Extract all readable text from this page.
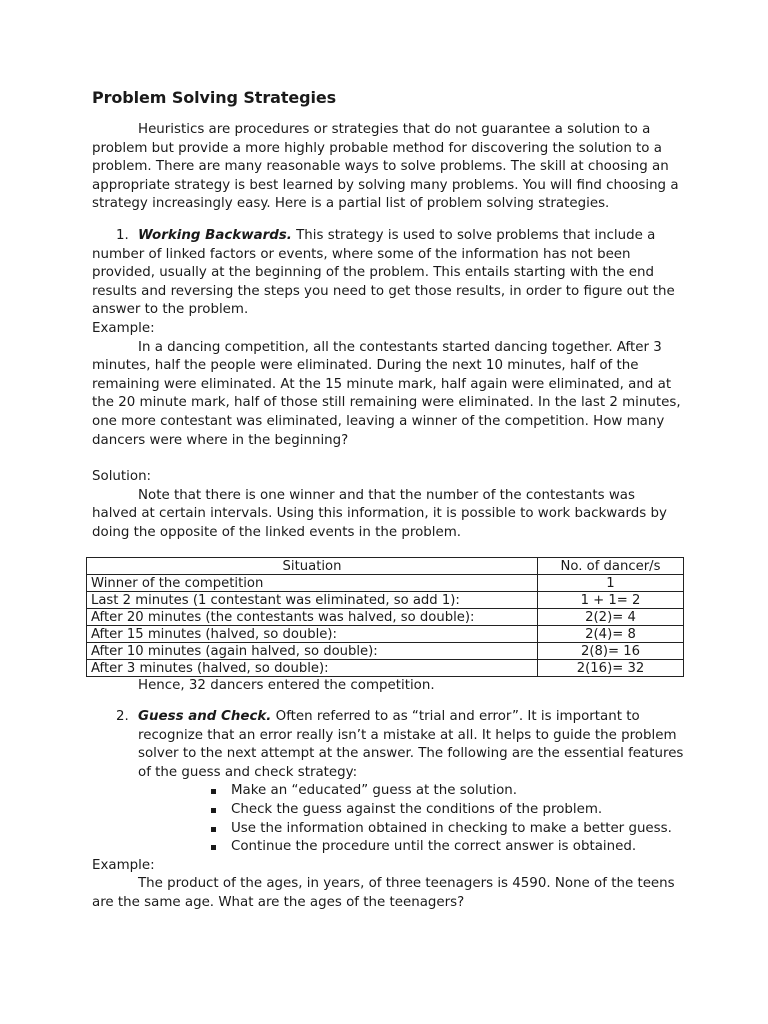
Problem Solving Strategies

Heuristics are procedures or strategies that do not guarantee a solution to a problem but provide a more highly probable method for discovering the solution to a problem. There are many reasonable ways to solve problems. The skill at choosing an appropriate strategy is best learned by solving many problems. You will find choosing a strategy increasingly easy. Here is a partial list of problem solving strategies.

1. Working Backwards. This strategy is used to solve problems that include a number of linked factors or events, where some of the information has not been provided, usually at the beginning of the problem. This entails starting with the end results and reversing the steps you need to get those results, in order to figure out the answer to the problem.

Example:

In a dancing competition, all the contestants started dancing together. After 3 minutes, half the people were eliminated. During the next 10 minutes, half of the remaining were eliminated. At the 15 minute mark, half again were eliminated, and at the 20 minute mark, half of those still remaining were eliminated. In the last 2 minutes, one more contestant was eliminated, leaving a winner of the competition. How many dancers were where in the beginning?

Solution:

Note that there is one winner and that the number of the contestants was halved at certain intervals. Using this information, it is possible to work backwards by doing the opposite of the linked events in the problem.

Situation	No. of dancer/s
Winner of the competition	1
Last 2 minutes (1 contestant was eliminated, so add 1):	1 + 1= 2
After 20 minutes (the contestants was halved, so double):	2(2)= 4
After 15 minutes (halved, so double):	2(4)= 8
After 10 minutes (again halved, so double):	2(8)= 16
After 3 minutes (halved, so double):	2(16)= 32

Hence, 32 dancers entered the competition.

2. Guess and Check. Often referred to as “trial and error”. It is important to recognize that an error really isn’t a mistake at all. It helps to guide the problem solver to the next attempt at the answer. The following are the essential features of the guess and check strategy:
Make an “educated” guess at the solution.
Check the guess against the conditions of the problem.
Use the information obtained in checking to make a better guess.
Continue the procedure until the correct answer is obtained.

Example:

The product of the ages, in years, of three teenagers is 4590. None of the teens are the same age. What are the ages of the teenagers?
